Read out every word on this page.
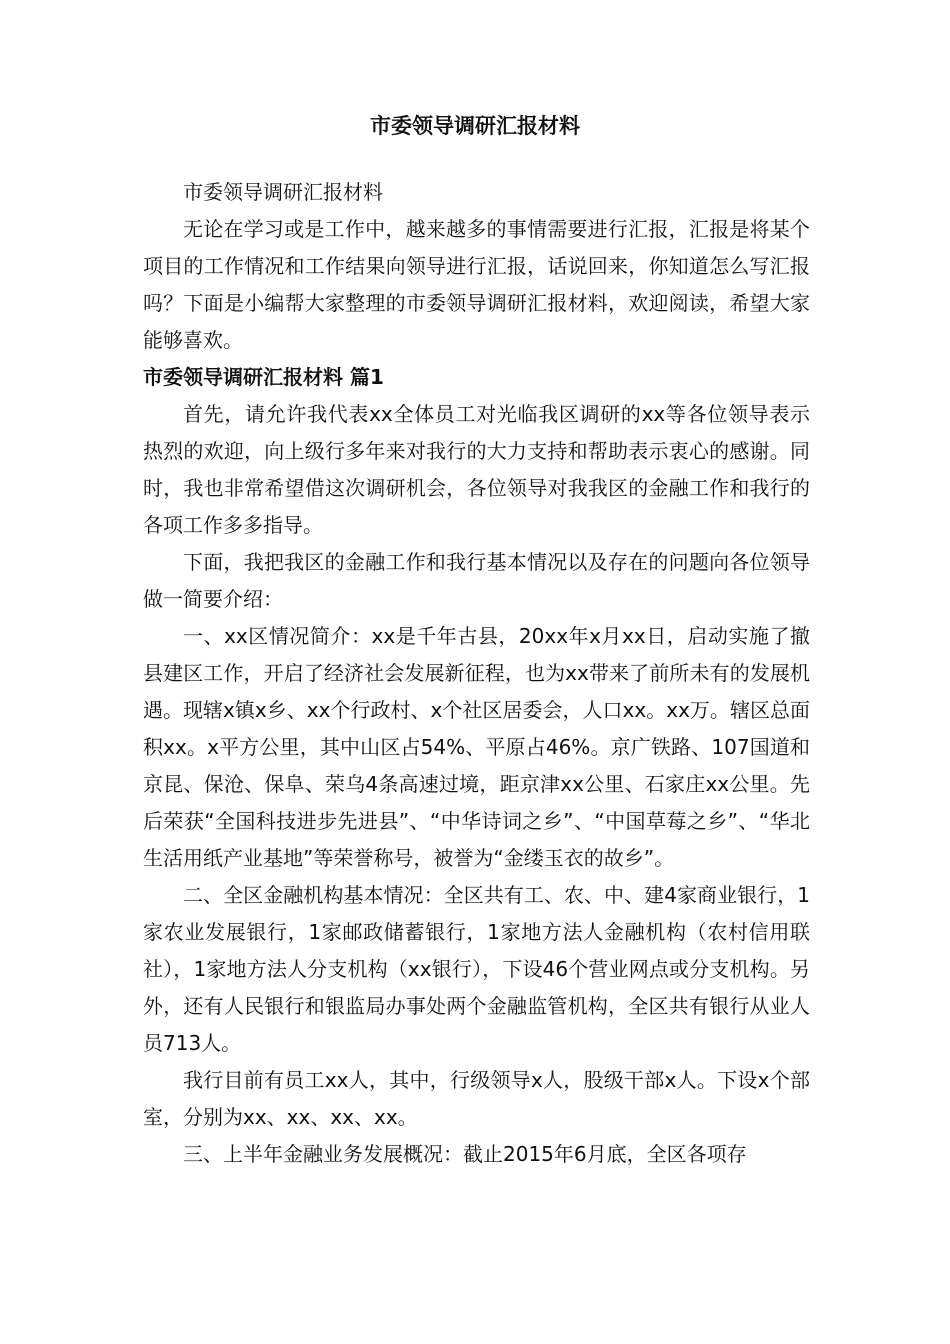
市委领导调研汇报材料

市委领导调研汇报材料

无论在学习或是工作中，越来越多的事情需要进行汇报，汇报是将某个项目的工作情况和工作结果向领导进行汇报，话说回来，你知道怎么写汇报吗？下面是小编帮大家整理的市委领导调研汇报材料，欢迎阅读，希望大家能够喜欢。

市委领导调研汇报材料 篇1

首先，请允许我代表xx全体员工对光临我区调研的xx等各位领导表示热烈的欢迎，向上级行多年来对我行的大力支持和帮助表示衷心的感谢。同时，我也非常希望借这次调研机会，各位领导对我我区的金融工作和我行的各项工作多多指导。

下面，我把我区的金融工作和我行基本情况以及存在的问题向各位领导做一简要介绍：

一、xx区情况简介：xx是千年古县，20xx年x月xx日，启动实施了撤县建区工作，开启了经济社会发展新征程，也为xx带来了前所未有的发展机遇。现辖x镇x乡、xx个行政村、x个社区居委会，人口xx。xx万。辖区总面积xx。x平方公里，其中山区占54%、平原占46%。京广铁路、107国道和京昆、保沧、保阜、荣乌4条高速过境，距京津xx公里、石家庄xx公里。先后荣获“全国科技进步先进县”、“中华诗词之乡”、“中国草莓之乡”、“华北生活用纸产业基地”等荣誉称号，被誉为“金缕玉衣的故乡”。

二、全区金融机构基本情况：全区共有工、农、中、建4家商业银行，1家农业发展银行，1家邮政储蓄银行，1家地方法人金融机构（农村信用联社），1家地方法人分支机构（xx银行），下设46个营业网点或分支机构。另外，还有人民银行和银监局办事处两个金融监管机构，全区共有银行从业人员713人。

我行目前有员工xx人，其中，行级领导x人，股级干部x人。下设x个部室，分别为xx、xx、xx、xx。

三、上半年金融业务发展概况：截止2015年6月底，全区各项存
